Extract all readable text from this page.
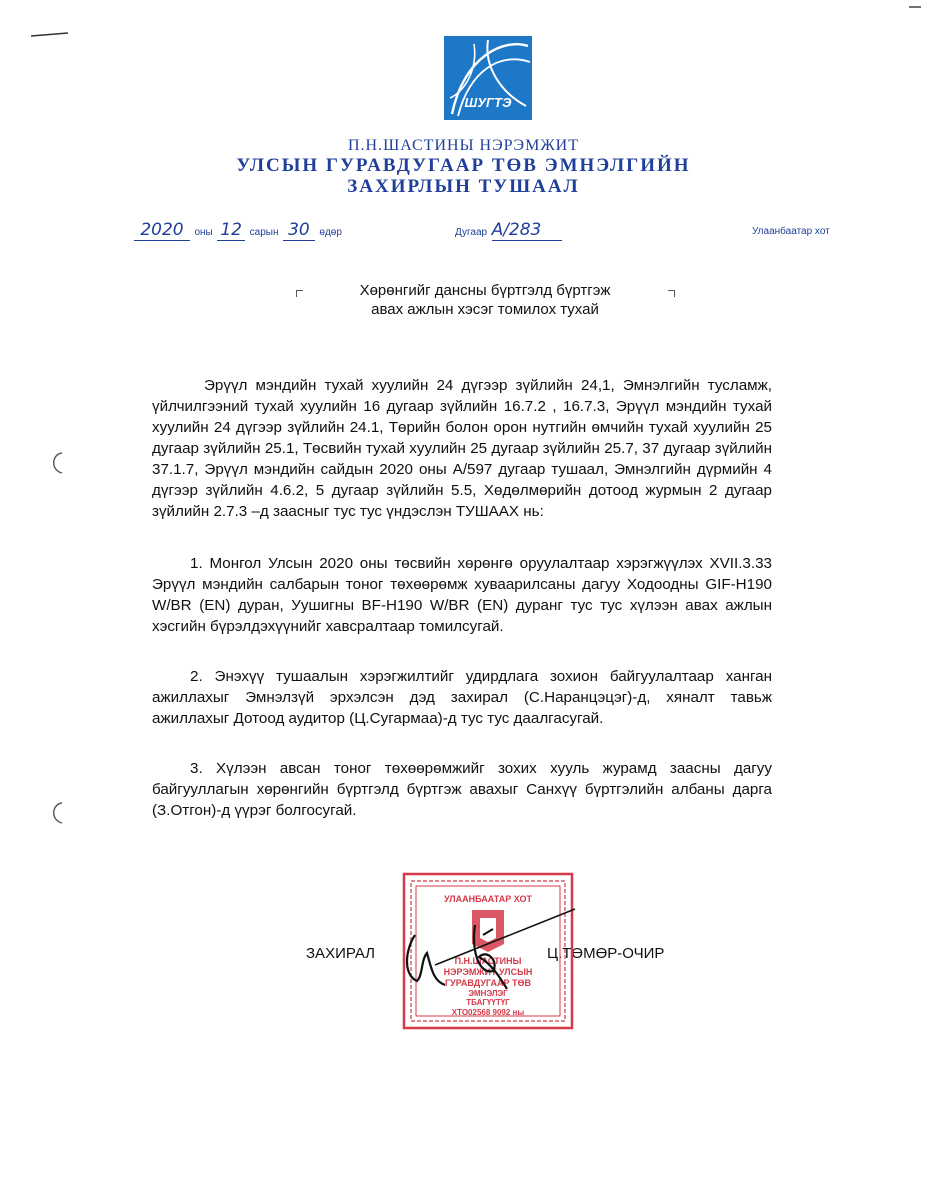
ШУГТЭ
П.Н.ШАСТИНЫ НЭРЭМЖИТ
УЛСЫН ГУРАВДУГААР ТӨВ ЭМНЭЛГИЙН
ЗАХИРЛЫН ТУШААЛ
2020 оны 12 сарын 30 өдөр	Дугаар А/283	Улаанбаатар хот
Хөрөнгийг дансны бүртгэлд бүртгэж
авах ажлын хэсэг томилох тухай
Эрүүл мэндийн тухай хуулийн 24 дүгээр зүйлийн 24,1, Эмнэлгийн тусламж, үйлчилгээний тухай хуулийн 16 дугаар зүйлийн 16.7.2 , 16.7.3, Эрүүл мэндийн тухай хуулийн 24 дүгээр зүйлийн 24.1, Төрийн болон орон нутгийн өмчийн тухай хуулийн 25 дугаар зүйлийн 25.1, Төсвийн тухай хуулийн 25 дугаар зүйлийн 25.7, 37 дугаар зүйлийн 37.1.7, Эрүүл мэндийн сайдын 2020 оны А/597 дугаар тушаал, Эмнэлгийн дүрмийн 4 дүгээр зүйлийн 4.6.2, 5 дугаар зүйлийн 5.5, Хөдөлмөрийн дотоод журмын 2 дугаар зүйлийн 2.7.3 –д заасныг тус тус үндэслэн ТУШААХ нь:
1. Монгол Улсын 2020 оны төсвийн хөрөнгө оруулалтаар хэрэгжүүлэх XVII.3.33 Эрүүл мэндийн салбарын тоног төхөөрөмж хуваарилсаны дагуу Ходоодны GIF-H190 W/BR (EN) дуран, Уушигны BF-H190 W/BR (EN) дуранг тус тус хүлээн авах ажлын хэсгийн бүрэлдэхүүнийг хавсралтаар томилсугай.
2. Энэхүү тушаалын хэрэгжилтийг удирдлага зохион байгуулалтаар ханган ажиллахыг Эмнэлзүй эрхэлсэн дэд захирал (С.Наранцэцэг)-д, хяналт тавьж ажиллахыг Дотоод аудитор (Ц.Сугармаа)-д тус тус даалгасугай.
3. Хүлээн авсан тоног төхөөрөмжийг зохих хууль журамд заасны дагуу байгууллагын хөрөнгийн бүртгэлд бүртгэж авахыг Санхүү бүртгэлийн албаны дарга (З.Отгон)-д үүрэг болгосугай.
ЗАХИРАЛ	Ц.ТӨМӨР-ОЧИР
УЛААНБААТАР ХОТ
П.Н.ШАСТИНЫ
НЭРЭМЖИТ УЛСЫН
ГУРАВДУГААР ТӨВ
ЭМНЭЛЭГ
ТБАГҮҮТҮГ
ХТО02568 9092 ны
